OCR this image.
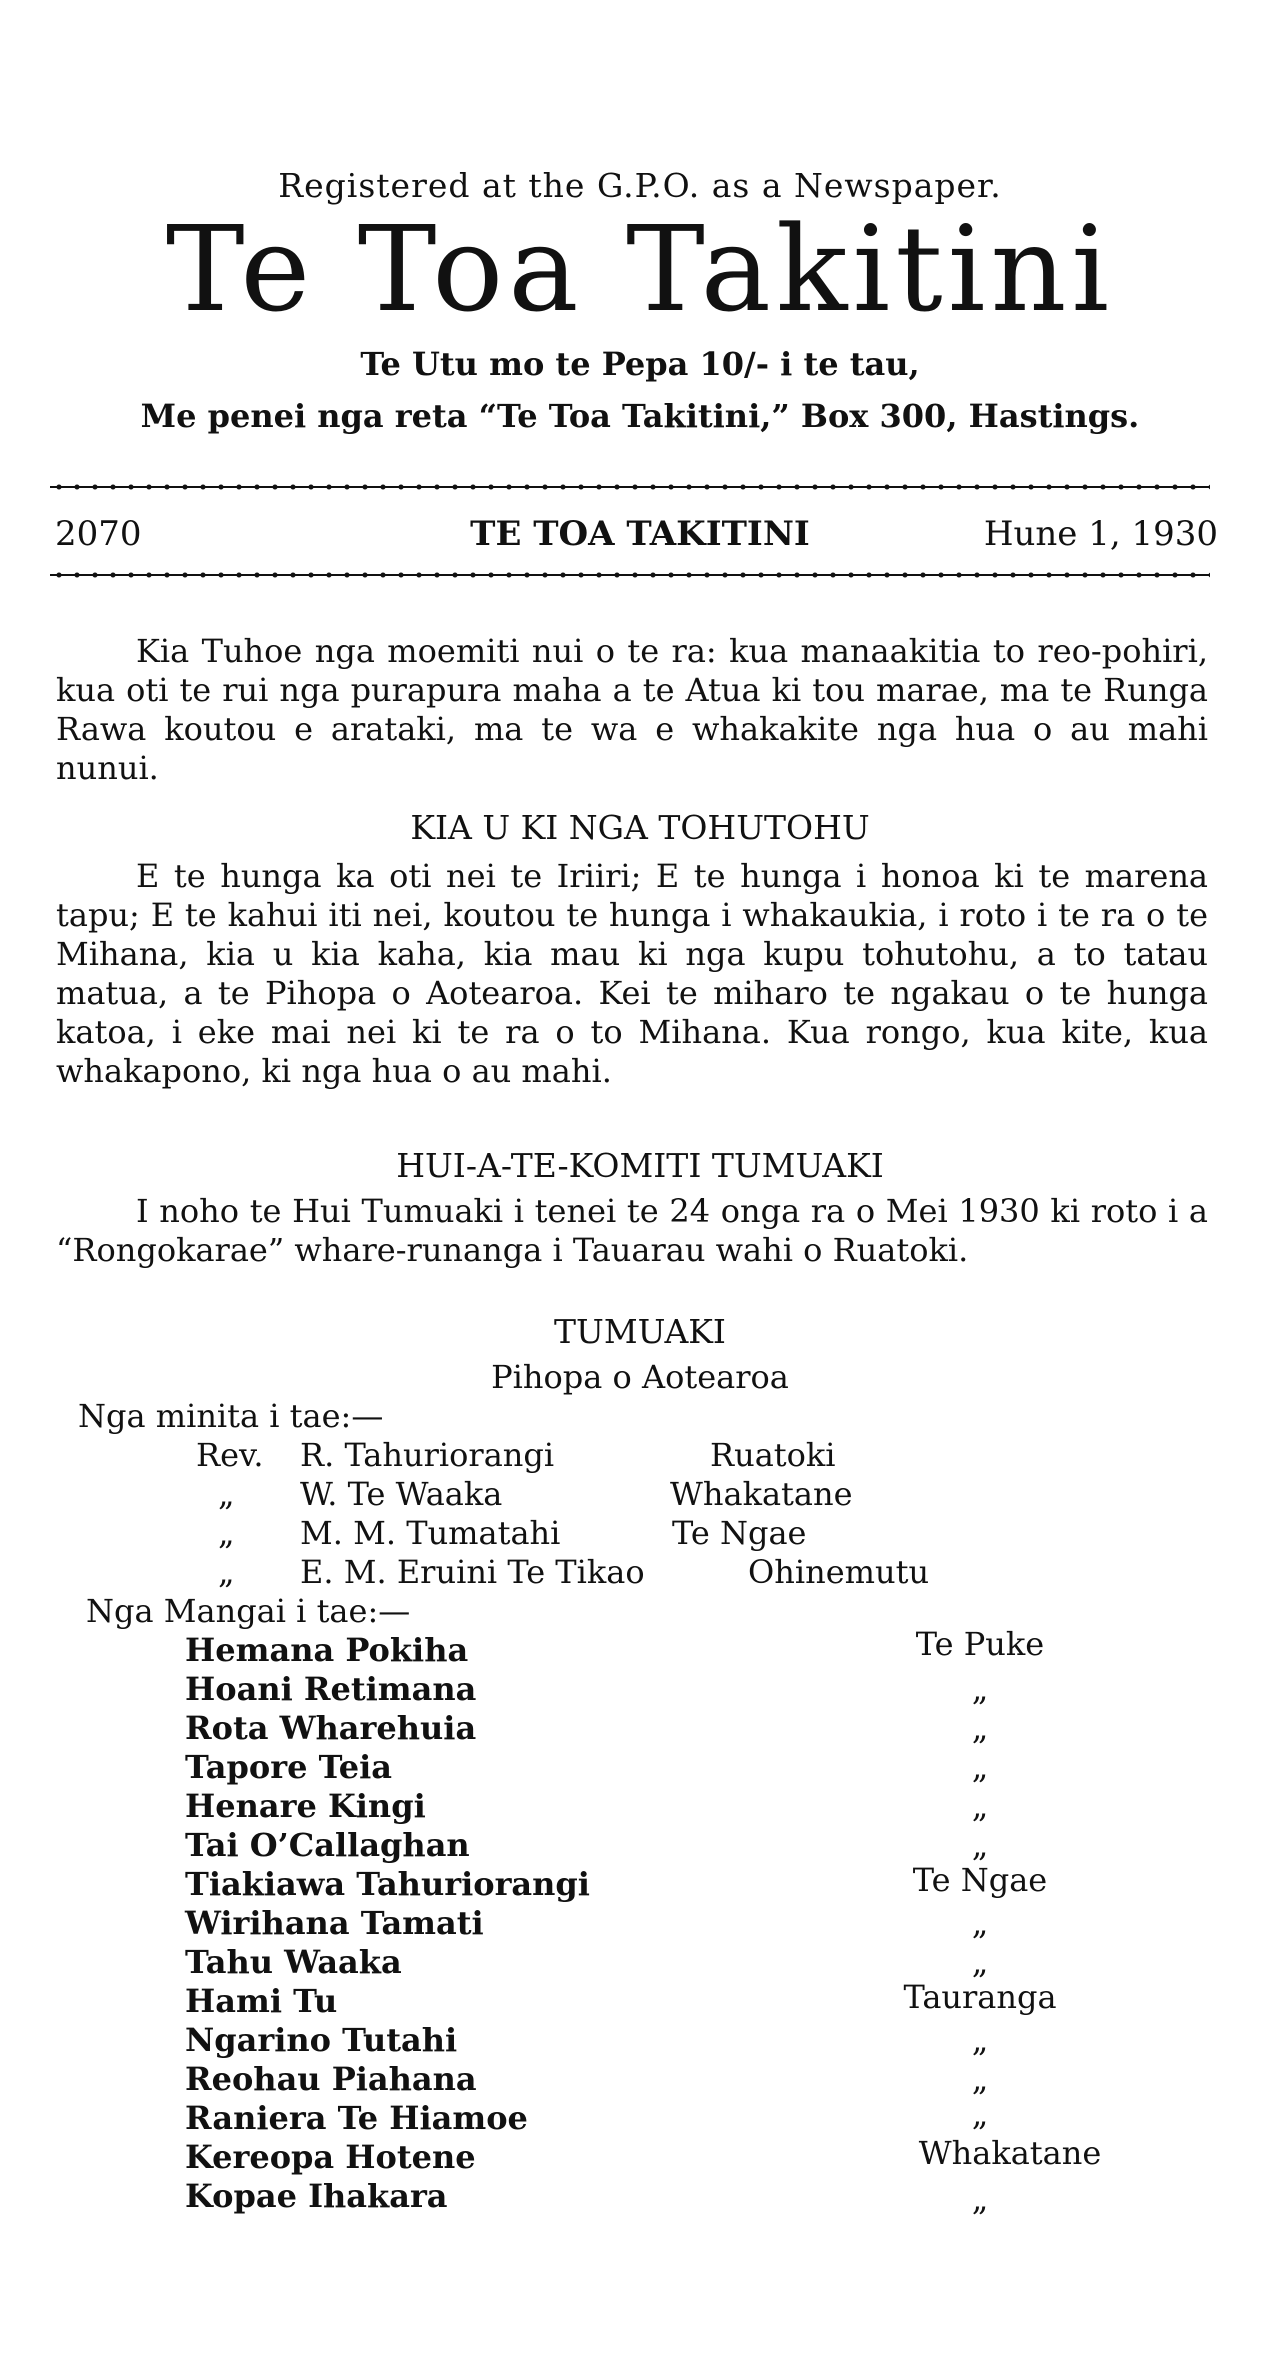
Registered at the G.P.O. as a Newspaper.
Te Toa Takitini
Te Utu mo te Pepa 10/- i te tau,
Me penei nga reta “Te Toa Takitini,” Box 300, Hastings.
TE TOA TAKITINI
2070	Hune 1, 1930
Kia Tuhoe nga moemiti nui o te ra: kua manaakitia to reo-pohiri, kua oti te rui nga purapura maha a te Atua ki tou marae, ma te Runga Rawa koutou e arataki, ma te wa e whakakite nga hua o au mahi nunui.
KIA U KI NGA TOHUTOHU
E te hunga ka oti nei te Iriiri; E te hunga i honoa ki te marena tapu; E te kahui iti nei, koutou te hunga i whakaukia, i roto i te ra o te Mihana, kia u kia kaha, kia mau ki nga kupu tohutohu, a to tatau matua, a te Pihopa o Aotearoa. Kei te miharo te ngakau o te hunga katoa, i eke mai nei ki te ra o to Mihana. Kua rongo, kua kite, kua whakapono, ki nga hua o au mahi.
HUI-A-TE-KOMITI TUMUAKI
I noho te Hui Tumuaki i tenei te 24 onga ra o Mei 1930 ki roto i a “Rongokarae” whare-runanga i Tauarau wahi o Ruatoki.
TUMUAKI
Pihopa o Aotearoa
Nga minita i tae:—
Rev. R. Tahuriorangi	Ruatoki
„ W. Te Waaka	Whakatane
„ M. M. Tumatahi	Te Ngae
„ E. M. Eruini Te Tikao	Ohinemutu
Nga Mangai i tae:—
Hemana Pokiha	Te Puke
Hoani Retimana	„
Rota Wharehuia	„
Tapore Teia	„
Henare Kingi	„
Tai O’Callaghan	„
Tiakiawa Tahuriorangi	Te Ngae
Wirihana Tamati	„
Tahu Waaka	„
Hami Tu	Tauranga
Ngarino Tutahi	„
Reohau Piahana	„
Raniera Te Hiamoe	„
Kereopa Hotene	Whakatane
Kopae Ihakara	„
